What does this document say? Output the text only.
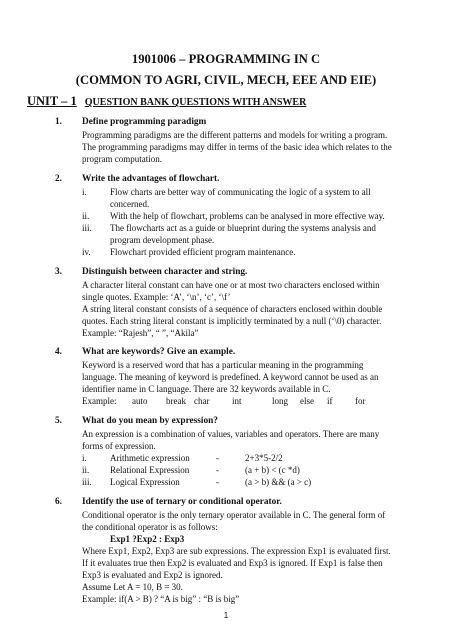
1901006 – PROGRAMMING IN C
(COMMON TO AGRI, CIVIL, MECH, EEE AND EIE)
UNIT – 1 QUESTION BANK QUESTIONS WITH ANSWER
1. Define programming paradigm
Programming paradigms are the different patterns and models for writing a program.
The programming paradigms may differ in terms of the basic idea which relates to the
program computation.
2. Write the advantages of flowchart.
i.	Flow charts are better way of communicating the logic of a system to all
concerned.
ii. With the help of flowchart, problems can be analysed in more effective way.
iii. The flowcharts act as a guide or blueprint during the systems analysis and
program development phase.
iv. Flowchart provided efficient program maintenance.
3. Distinguish between character and string.
A character literal constant can have one or at most two characters enclosed within
single quotes. Example: ‘A’, ‘\n’, ‘c’, ‘\f’
A string literal constant consists of a sequence of characters enclosed within double
quotes. Each string literal constant is implicitly terminated by a null (‘\0) character.
Example: “Rajesh”, “ ”, “Akila”
4. What are keywords? Give an example.
Keyword is a reserved word that has a particular meaning in the programming
language. The meaning of keyword is predefined. A keyword cannot be used as an
identifier name in C language. There are 32 keywords available in C.
Example: auto break char	int	long else if	for
5. What do you mean by expression?
An expression is a combination of values, variables and operators. There are many
forms of expression.
i.	Arithmetic expression	-	2+3*5-2/2
ii. Relational Expression	-	(a + b) < (c *d)
iii. Logical Expression	-	(a > b) && (a > c)
6. Identify the use of ternary or conditional operator.
Conditional operator is the only ternary operator available in C. The general form of
the conditional operator is as follows:
Exp1 ?Exp2 : Exp3
Where Exp1, Exp2, Exp3 are sub expressions. The expression Exp1 is evaluated first.
If it evaluates true then Exp2 is evaluated and Exp3 is ignored. If Exp1 is false then
Exp3 is evaluated and Exp2 is ignored.
Assume Let A = 10, B = 30.
Example: if(A > B) ? “A is big” : “B is big”
1
